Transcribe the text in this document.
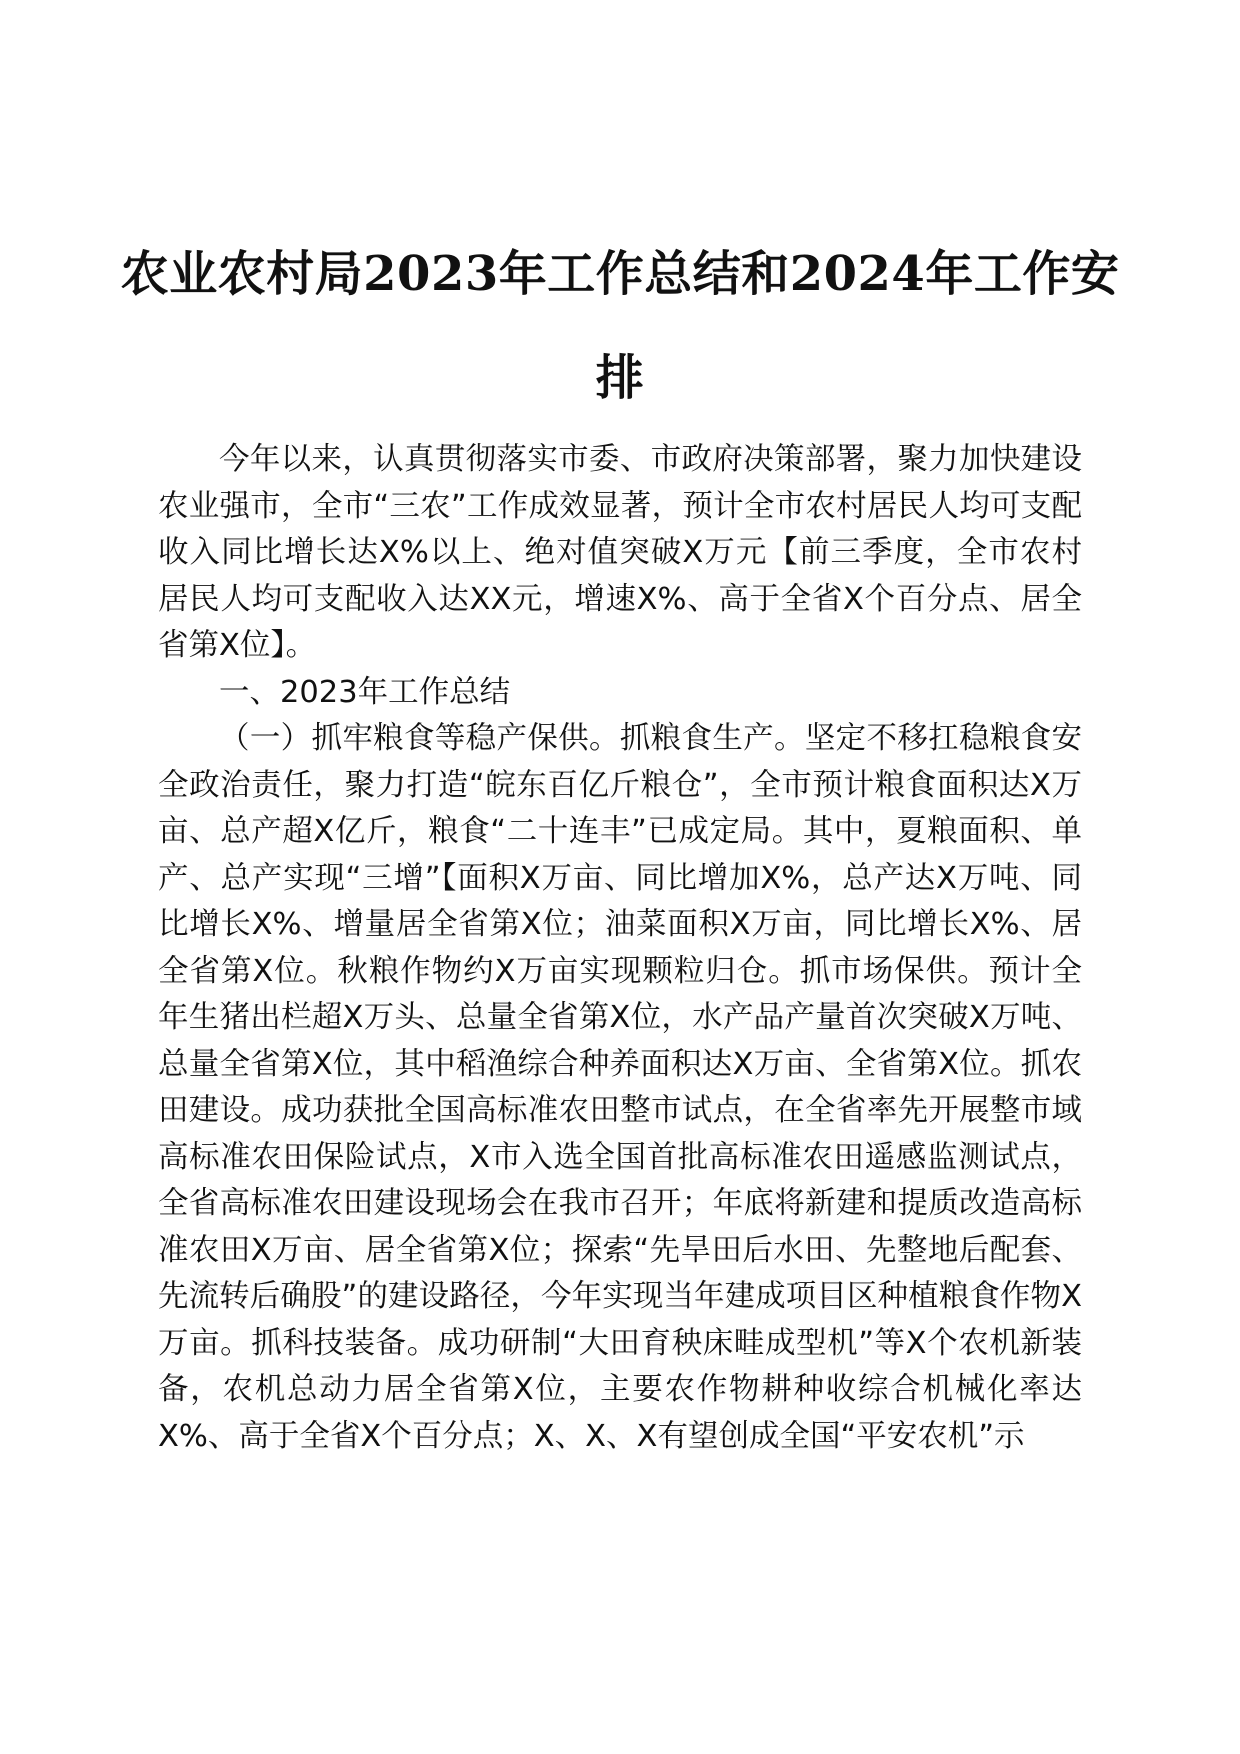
农业农村局2023年工作总结和2024年工作安排

今年以来，认真贯彻落实市委、市政府决策部署，聚力加快建设农业强市，全市“三农”工作成效显著，预计全市农村居民人均可支配收入同比增长达X%以上、绝对值突破X万元【前三季度，全市农村居民人均可支配收入达XX元，增速X%、高于全省X个百分点、居全省第X位】。

一、2023年工作总结

（一）抓牢粮食等稳产保供。抓粮食生产。坚定不移扛稳粮食安全政治责任，聚力打造“皖东百亿斤粮仓”，全市预计粮食面积达X万亩、总产超X亿斤，粮食“二十连丰”已成定局。其中，夏粮面积、单产、总产实现“三增”【面积X万亩、同比增加X%，总产达X万吨、同比增长X%、增量居全省第X位；油菜面积X万亩，同比增长X%、居全省第X位。秋粮作物约X万亩实现颗粒归仓。抓市场保供。预计全年生猪出栏超X万头、总量全省第X位，水产品产量首次突破X万吨、总量全省第X位，其中稻渔综合种养面积达X万亩、全省第X位。抓农田建设。成功获批全国高标准农田整市试点，在全省率先开展整市域高标准农田保险试点，X市入选全国首批高标准农田遥感监测试点，全省高标准农田建设现场会在我市召开；年底将新建和提质改造高标准农田X万亩、居全省第X位；探索“先旱田后水田、先整地后配套、先流转后确股”的建设路径，今年实现当年建成项目区种植粮食作物X万亩。抓科技装备。成功研制“大田育秧床畦成型机”等X个农机新装备，农机总动力居全省第X位，主要农作物耕种收综合机械化率达X%、高于全省X个百分点；X、X、X有望创成全国“平安农机”示
